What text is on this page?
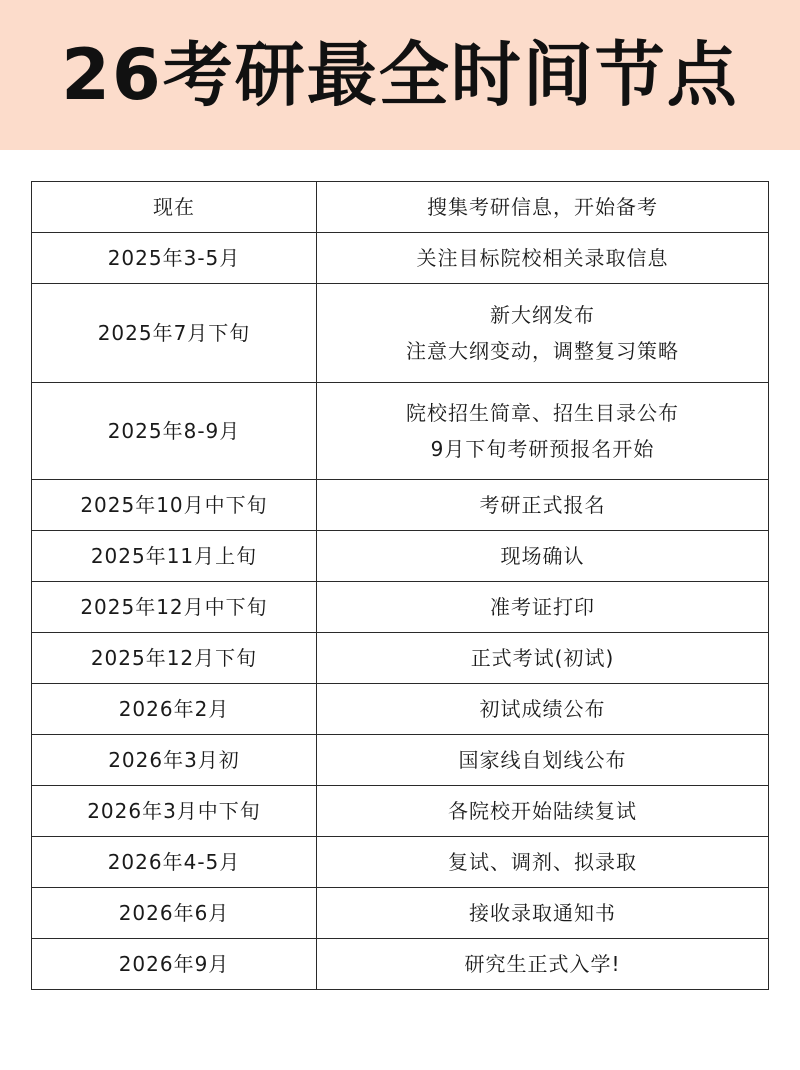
26考研最全时间节点
现在	搜集考研信息，开始备考

2025年3-5月	关注目标院校相关录取信息

2025年7月下旬	新大纲发布
注意大纲变动，调整复习策略

2025年8-9月	院校招生简章、招生目录公布
9月下旬考研预报名开始

2025年10月中下旬	考研正式报名

2025年11月上旬	现场确认

2025年12月中下旬	准考证打印

2025年12月下旬	正式考试(初试)

2026年2月	初试成绩公布

2026年3月初	国家线自划线公布

2026年3月中下旬	各院校开始陆续复试

2026年4-5月	复试、调剂、拟录取

2026年6月	接收录取通知书

2026年9月	研究生正式入学!
